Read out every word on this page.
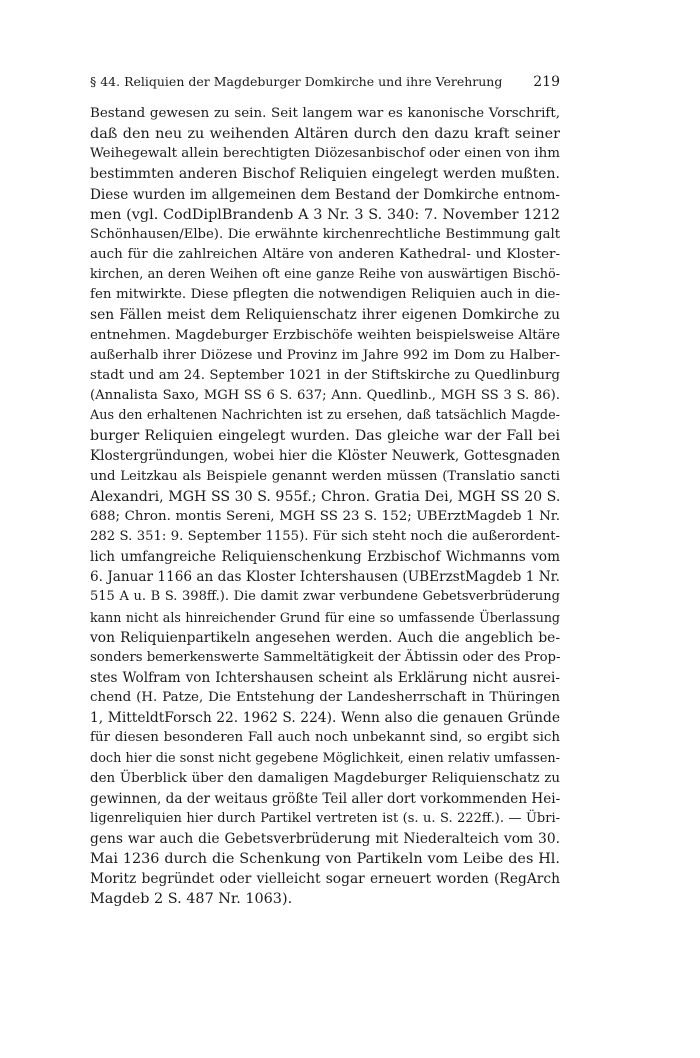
§ 44. Reliquien der Magdeburger Domkirche und ihre Verehrung 219
Bestand gewesen zu sein. Seit langem war es kanonische Vorschrift,
daß den neu zu weihenden Altären durch den dazu kraft seiner
Weihegewalt allein berechtigten Diözesanbischof oder einen von ihm
bestimmten anderen Bischof Reliquien eingelegt werden mußten.
Diese wurden im allgemeinen dem Bestand der Domkirche entnom-
men (vgl. CodDiplBrandenb A 3 Nr. 3 S. 340: 7. November 1212
Schönhausen/Elbe). Die erwähnte kirchenrechtliche Bestimmung galt
auch für die zahlreichen Altäre von anderen Kathedral- und Kloster-
kirchen, an deren Weihen oft eine ganze Reihe von auswärtigen Bischö-
fen mitwirkte. Diese pflegten die notwendigen Reliquien auch in die-
sen Fällen meist dem Reliquienschatz ihrer eigenen Domkirche zu
entnehmen. Magdeburger Erzbischöfe weihten beispielsweise Altäre
außerhalb ihrer Diözese und Provinz im Jahre 992 im Dom zu Halber-
stadt und am 24. September 1021 in der Stiftskirche zu Quedlinburg
(Annalista Saxo, MGH SS 6 S. 637; Ann. Quedlinb., MGH SS 3 S. 86).
Aus den erhaltenen Nachrichten ist zu ersehen, daß tatsächlich Magde-
burger Reliquien eingelegt wurden. Das gleiche war der Fall bei
Klostergründungen, wobei hier die Klöster Neuwerk, Gottesgnaden
und Leitzkau als Beispiele genannt werden müssen (Translatio sancti
Alexandri, MGH SS 30 S. 955f.; Chron. Gratia Dei, MGH SS 20 S.
688; Chron. montis Sereni, MGH SS 23 S. 152; UBErztMagdeb 1 Nr.
282 S. 351: 9. September 1155). Für sich steht noch die außerordent-
lich umfangreiche Reliquienschenkung Erzbischof Wichmanns vom
6. Januar 1166 an das Kloster Ichtershausen (UBErzstMagdeb 1 Nr.
515 A u. B S. 398ff.). Die damit zwar verbundene Gebetsverbrüderung
kann nicht als hinreichender Grund für eine so umfassende Überlassung
von Reliquienpartikeln angesehen werden. Auch die angeblich be-
sonders bemerkenswerte Sammeltätigkeit der Äbtissin oder des Prop-
stes Wolfram von Ichtershausen scheint als Erklärung nicht ausrei-
chend (H. Patze, Die Entstehung der Landesherrschaft in Thüringen
1, MitteldtForsch 22. 1962 S. 224). Wenn also die genauen Gründe
für diesen besonderen Fall auch noch unbekannt sind, so ergibt sich
doch hier die sonst nicht gegebene Möglichkeit, einen relativ umfassen-
den Überblick über den damaligen Magdeburger Reliquienschatz zu
gewinnen, da der weitaus größte Teil aller dort vorkommenden Hei-
ligenreliquien hier durch Partikel vertreten ist (s. u. S. 222ff.). — Übri-
gens war auch die Gebetsverbrüderung mit Niederalteich vom 30.
Mai 1236 durch die Schenkung von Partikeln vom Leibe des Hl.
Moritz begründet oder vielleicht sogar erneuert worden (RegArch
Magdeb 2 S. 487 Nr. 1063).
